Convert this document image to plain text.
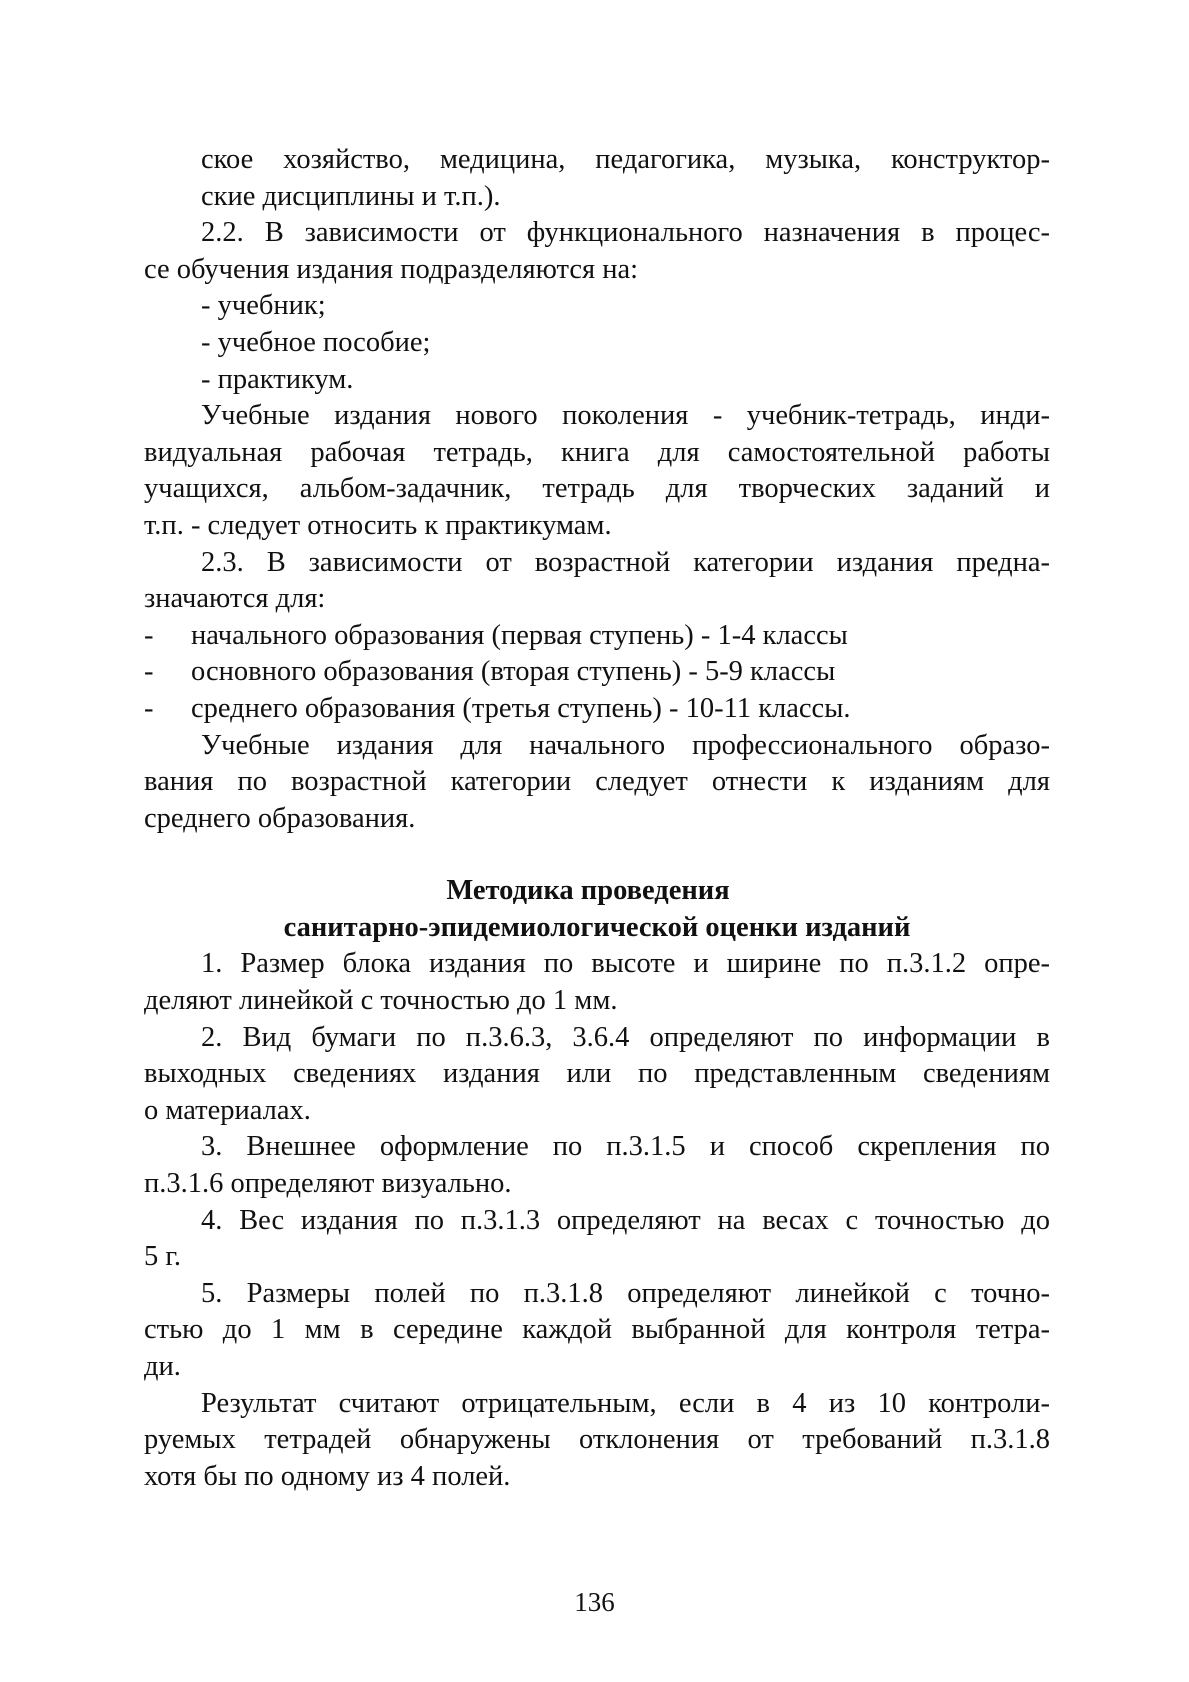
ское хозяйство, медицина, педагогика, музыка, конструктор-

ские дисциплины и т.п.).

2.2. В зависимости от функционального назначения в процес-

се обучения издания подразделяются на:

- учебник;

- учебное пособие;

- практикум.

Учебные издания нового поколения - учебник-тетрадь, инди-

видуальная рабочая тетрадь, книга для самостоятельной работы

учащихся, альбом-задачник, тетрадь для творческих заданий и

т.п. - следует относить к практикумам.

2.3. В зависимости от возрастной категории издания предна-

значаются для:

- начального образования (первая ступень) - 1-4 классы

- основного образования (вторая ступень) - 5-9 классы

- среднего образования (третья ступень) - 10-11 классы.

Учебные издания для начального профессионального образо-

вания по возрастной категории следует отнести к изданиям для

среднего образования.

Методика проведения

санитарно-эпидемиологической оценки изданий

1. Размер блока издания по высоте и ширине по п.3.1.2 опре-

деляют линейкой с точностью до 1 мм.

2. Вид бумаги по п.3.6.3, 3.6.4 определяют по информации в

выходных сведениях издания или по представленным сведениям

о материалах.

3. Внешнее оформление по п.3.1.5 и способ скрепления по

п.3.1.6 определяют визуально.

4. Вес издания по п.3.1.3 определяют на весах с точностью до

5 г.

5. Размеры полей по п.3.1.8 определяют линейкой с точно-

стью до 1 мм в середине каждой выбранной для контроля тетра-

ди.

Результат считают отрицательным, если в 4 из 10 контроли-

руемых тетрадей обнаружены отклонения от требований п.3.1.8

хотя бы по одному из 4 полей.

136
